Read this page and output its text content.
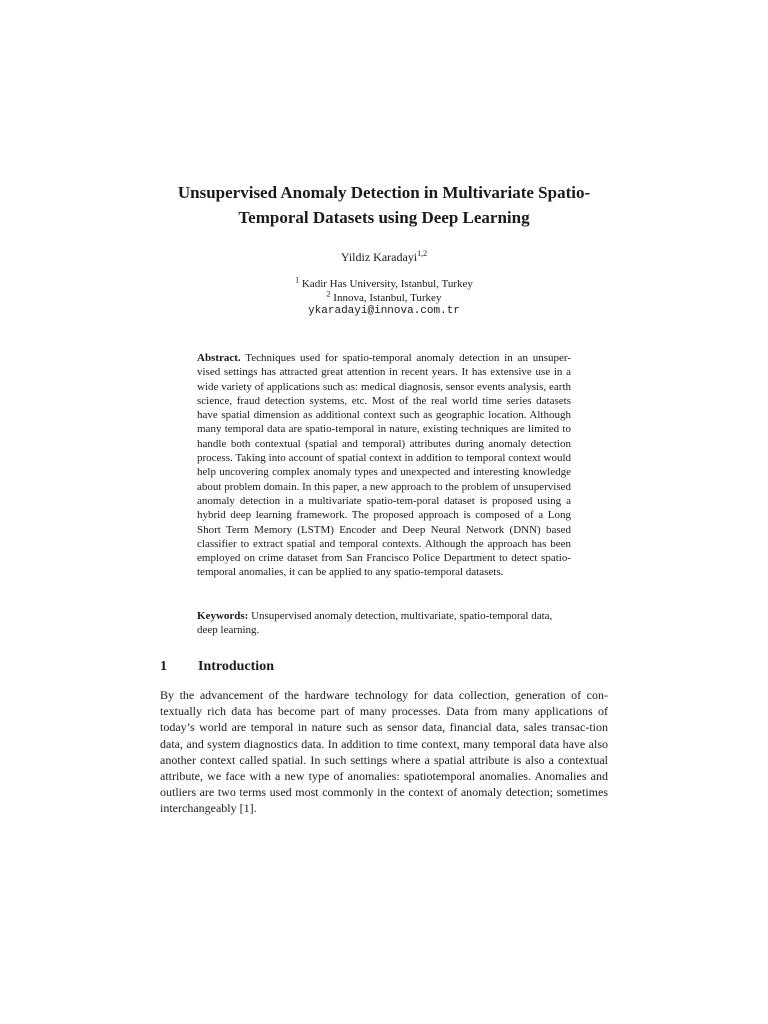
Unsupervised Anomaly Detection in Multivariate Spatio-Temporal Datasets using Deep Learning
Yildiz Karadayi$^{1,2}$
$^1$ Kadir Has University, Istanbul, Turkey
$^2$ Innova, Istanbul, Turkey
ykaradayi@innova.com.tr
Abstract. Techniques used for spatio-temporal anomaly detection in an unsuper-vised settings has attracted great attention in recent years. It has extensive use in a wide variety of applications such as: medical diagnosis, sensor events analysis, earth science, fraud detection systems, etc. Most of the real world time series datasets have spatial dimension as additional context such as geographic location. Although many temporal data are spatio-temporal in nature, existing techniques are limited to handle both contextual (spatial and temporal) attributes during anomaly detection process. Taking into account of spatial context in addition to temporal context would help uncovering complex anomaly types and unexpected and interesting knowledge about problem domain. In this paper, a new approach to the problem of unsupervised anomaly detection in a multivariate spatio-tem-poral dataset is proposed using a hybrid deep learning framework. The proposed approach is composed of a Long Short Term Memory (LSTM) Encoder and Deep Neural Network (DNN) based classifier to extract spatial and temporal contexts. Although the approach has been employed on crime dataset from San Francisco Police Department to detect spatio-temporal anomalies, it can be applied to any spatio-temporal datasets.
Keywords: Unsupervised anomaly detection, multivariate, spatio-temporal data, deep learning.
1 Introduction
By the advancement of the hardware technology for data collection, generation of con-textually rich data has become part of many processes. Data from many applications of today’s world are temporal in nature such as sensor data, financial data, sales transac-tion data, and system diagnostics data. In addition to time context, many temporal data have also another context called spatial. In such settings where a spatial attribute is also a contextual attribute, we face with a new type of anomalies: spatiotemporal anomalies. Anomalies and outliers are two terms used most commonly in the context of anomaly detection; sometimes interchangeably [1].
